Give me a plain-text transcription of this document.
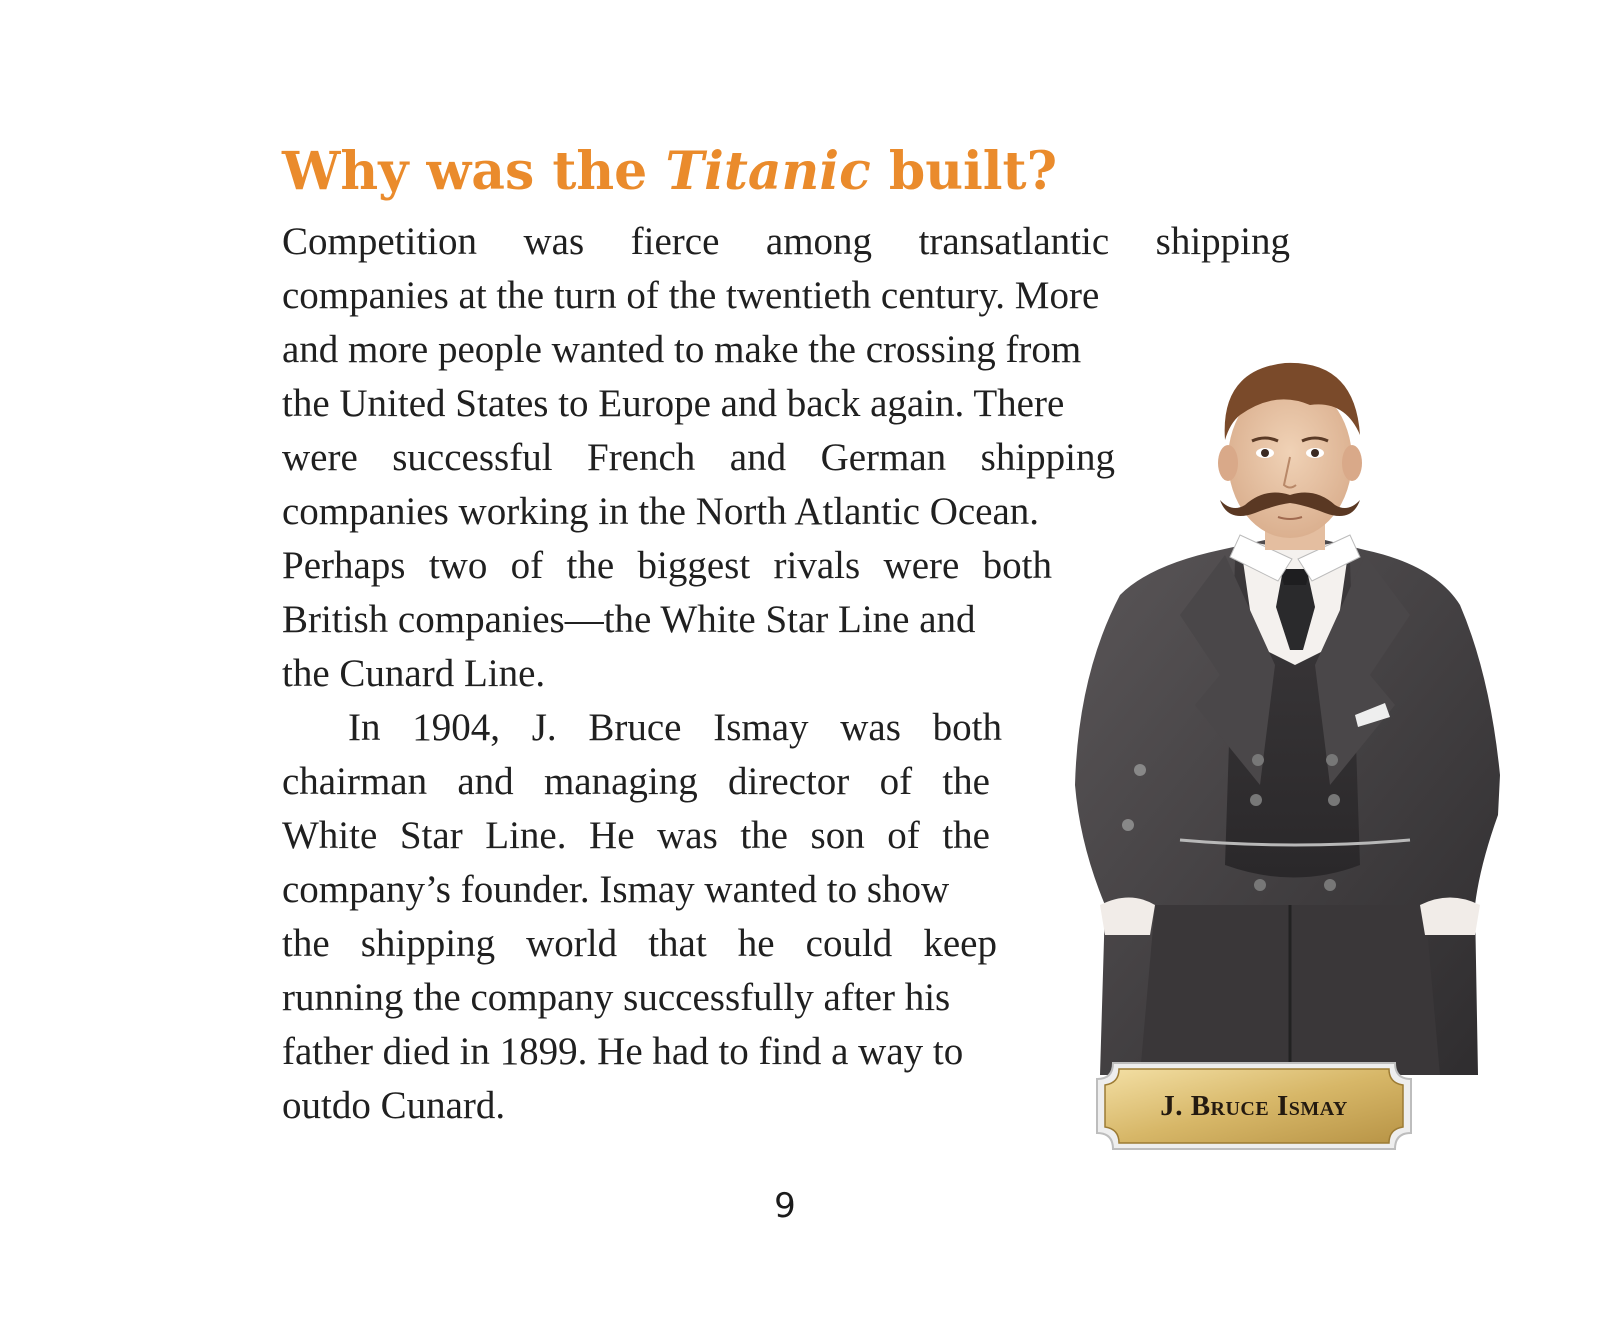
Why was the Titanic built?
Competition was fierce among transatlantic shipping
companies at the turn of the twentieth century. More
and more people wanted to make the crossing from
the United States to Europe and back again. There
were successful French and German shipping
companies working in the North Atlantic Ocean.
Perhaps two of the biggest rivals were both
British companies—the White Star Line and
the Cunard Line.
In 1904, J. Bruce Ismay was both
chairman and managing director of the
White Star Line. He was the son of the
company’s founder. Ismay wanted to show
the shipping world that he could keep
running the company successfully after his
father died in 1899. He had to find a way to
outdo Cunard.	J. Bruce Ismay
9
